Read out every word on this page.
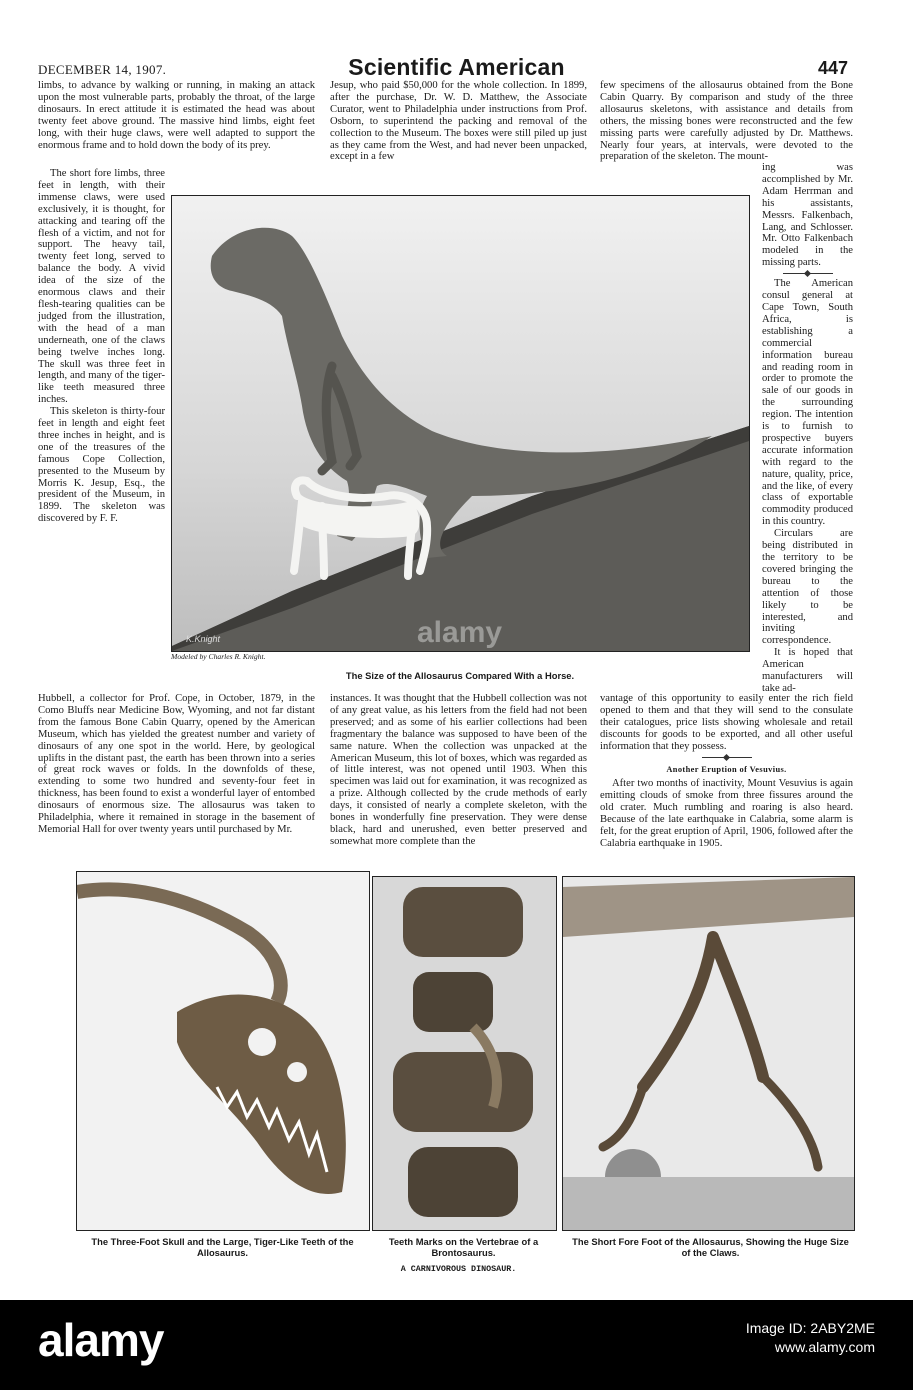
DECEMBER 14, 1907.	Scientific American	447

limbs, to advance by walking or running, in making an attack upon the most vulnerable parts, probably the throat, of the large dinosaurs. In erect attitude it is estimated the head was about twenty feet above ground. The massive hind limbs, eight feet long, with their huge claws, were well adapted to support the enormous frame and to hold down the body of its prey.

The short fore limbs, three feet in length, with their immense claws, were used exclusively, it is thought, for attacking and tearing off the flesh of a victim, and not for support. The heavy tail, twenty feet long, served to balance the body. A vivid idea of the size of the enormous claws and their flesh-tearing qualities can be judged from the illustration, with the head of a man underneath, one of the claws being twelve inches long. The skull was three feet in length, and many of the tiger-like teeth measured three inches.

This skeleton is thirty-four feet in length and eight feet three inches in height, and is one of the treasures of the famous Cope Collection, presented to the Museum by Morris K. Jesup, Esq., the president of the Museum, in 1899. The skeleton was discovered by F. F.

Hubbell, a collector for Prof. Cope, in October, 1879, in the Como Bluffs near Medicine Bow, Wyoming, and not far distant from the famous Bone Cabin Quarry, opened by the American Museum, which has yielded the greatest number and variety of dinosaurs of any one spot in the world. Here, by geological uplifts in the distant past, the earth has been thrown into a series of great rock waves or folds. In the downfolds of these, extending to some two hundred and seventy-four feet in thickness, has been found to exist a wonderful layer of entombed dinosaurs of enormous size. The allosaurus was taken to Philadelphia, where it remained in storage in the basement of Memorial Hall for over twenty years until purchased by Mr.

Jesup, who paid $50,000 for the whole collection. In 1899, after the purchase, Dr. W. D. Matthew, the Associate Curator, went to Philadelphia under instructions from Prof. Osborn, to superintend the packing and removal of the collection to the Museum. The boxes were still piled up just as they came from the West, and had never been unpacked, except in a few

instances. It was thought that the Hubbell collection was not of any great value, as his letters from the field had not been preserved; and as some of his earlier collections had been fragmentary the balance was supposed to have been of the same nature. When the collection was unpacked at the American Museum, this lot of boxes, which was regarded as of little interest, was not opened until 1903. When this specimen was laid out for examination, it was recognized as a prize. Although collected by the crude methods of early days, it consisted of nearly a complete skeleton, with the bones in wonderfully fine preservation. They were dense black, hard and unerushed, even better preserved and somewhat more complete than the

few specimens of the allosaurus obtained from the Bone Cabin Quarry. By comparison and study of the three allosaurus skeletons, with assistance and details from others, the missing bones were reconstructed and the few missing parts were carefully adjusted by Dr. Matthews. Nearly four years, at intervals, were devoted to the preparation of the skeleton. The mount-

ing was accomplished by Mr. Adam Herrman and his assistants, Messrs. Falkenbach, Lang, and Schlosser. Mr. Otto Falkenbach modeled in the missing parts.

The American consul general at Cape Town, South Africa, is establishing a commercial information bureau and reading room in order to promote the sale of our goods in the surrounding region. The intention is to furnish to prospective buyers accurate information with regard to the nature, quality, price, and the like, of every class of exportable commodity produced in this country.

Circulars are being distributed in the territory to be covered bringing the bureau to the attention of those likely to be interested, and inviting correspondence.

It is hoped that American manufacturers will take ad-

vantage of this opportunity to easily enter the rich field opened to them and that they will send to the consulate their catalogues, price lists showing wholesale and retail discounts for goods to be exported, and all other useful information that they possess.

Another Eruption of Vesuvius.

After two months of inactivity, Mount Vesuvius is again emitting clouds of smoke from three fissures around the old crater. Much rumbling and roaring is also heard. Because of the late earthquake in Calabria, some alarm is felt, for the great eruption of April, 1906, followed after the Calabria earthquake in 1905.

K.Knight	alamy
Modeled by Charles R. Knight.
The Size of the Allosaurus Compared With a Horse.
The Three-Foot Skull and the Large, Tiger-Like Teeth of the Allosaurus.
Teeth Marks on the Vertebrae of a Brontosaurus.
The Short Fore Foot of the Allosaurus, Showing the Huge Size of the Claws.
A CARNIVOROUS DINOSAUR.
alamy	Image ID: 2ABY2ME
www.alamy.com
